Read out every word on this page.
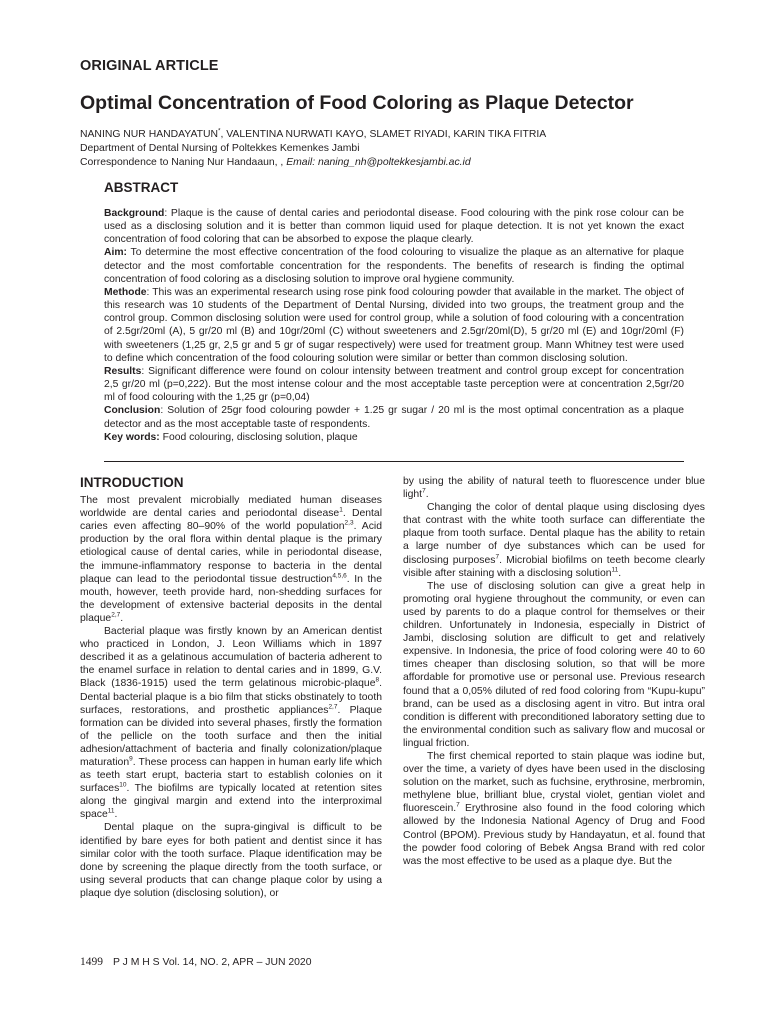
ORIGINAL ARTICLE
Optimal Concentration of Food Coloring as Plaque Detector
NANING NUR HANDAYATUN*, VALENTINA NURWATI KAYO, SLAMET RIYADI, KARIN TIKA FITRIA
Department of Dental Nursing of Poltekkes Kemenkes Jambi
Correspondence to Naning Nur Handaaun, , Email: naning_nh@poltekkesjambi.ac.id
ABSTRACT

Background: Plaque is the cause of dental caries and periodontal disease. Food colouring with the pink rose colour can be used as a disclosing solution and it is better than common liquid used for plaque detection. It is not yet known the exact concentration of food coloring that can be absorbed to expose the plaque clearly.

Aim: To determine the most effective concentration of the food colouring to visualize the plaque as an alternative for plaque detector and the most comfortable concentration for the respondents. The benefits of research is finding the optimal concentration of food coloring as a disclosing solution to improve oral hygiene community.

Methode: This was an experimental research using rose pink food colouring powder that available in the market. The object of this research was 10 students of the Department of Dental Nursing, divided into two groups, the treatment group and the control group. Common disclosing solution were used for control group, while a solution of food colouring with a concentration of 2.5gr/20ml (A), 5 gr/20 ml (B) and 10gr/20ml (C) without sweeteners and 2.5gr/20ml(D), 5 gr/20 ml (E) and 10gr/20ml (F) with sweeteners (1,25 gr, 2,5 gr and 5 gr of sugar respectively) were used for treatment group. Mann Whitney test were used to define which concentration of the food colouring solution were similar or better than common disclosing solution.

Results: Significant difference were found on colour intensity between treatment and control group except for concentration 2,5 gr/20 ml (p=0,222). But the most intense colour and the most acceptable taste perception were at concentration 2,5gr/20 ml of food colouring with the 1,25 gr (p=0,04)

Conclusion: Solution of 25gr food colouring powder + 1.25 gr sugar / 20 ml is the most optimal concentration as a plaque detector and as the most acceptable taste of respondents.

Key words: Food colouring, disclosing solution, plaque

INTRODUCTION

The most prevalent microbially mediated human diseases worldwide are dental caries and periodontal disease$^1$. Dental caries even affecting 80–90% of the world population$^{2,3}$. Acid production by the oral flora within dental plaque is the primary etiological cause of dental caries, while in periodontal disease, the immune-inflammatory response to bacteria in the dental plaque can lead to the periodontal tissue destruction$^{4,5,6}$. In the mouth, however, teeth provide hard, non-shedding surfaces for the development of extensive bacterial deposits in the dental plaque$^{2,7}$.

Bacterial plaque was firstly known by an American dentist who practiced in London, J. Leon Williams which in 1897 described it as a gelatinous accumulation of bacteria adherent to the enamel surface in relation to dental caries and in 1899, G.V. Black (1836-1915) used the term gelatinous microbic-plaque$^8$. Dental bacterial plaque is a bio film that sticks obstinately to tooth surfaces, restorations, and prosthetic appliances$^{2,7}$. Plaque formation can be divided into several phases, firstly the formation of the pellicle on the tooth surface and then the initial adhesion/attachment of bacteria and finally colonization/plaque maturation$^9$. These process can happen in human early life which as teeth start erupt, bacteria start to establish colonies on it surfaces$^{10}$. The biofilms are typically located at retention sites along the gingival margin and extend into the interproximal space$^{11}$.

Dental plaque on the supra-gingival is difficult to be identified by bare eyes for both patient and dentist since it has similar color with the tooth surface. Plaque identification may be done by screening the plaque directly from the tooth surface, or using several products that can change plaque color by using a plaque dye solution (disclosing solution), or

by using the ability of natural teeth to fluorescence under blue light$^7$.

Changing the color of dental plaque using disclosing dyes that contrast with the white tooth surface can differentiate the plaque from tooth surface. Dental plaque has the ability to retain a large number of dye substances which can be used for disclosing purposes$^7$. Microbial biofilms on teeth become clearly visible after staining with a disclosing solution$^{11}$.

The use of disclosing solution can give a great help in promoting oral hygiene throughout the community, or even can used by parents to do a plaque control for themselves or their children. Unfortunately in Indonesia, especially in District of Jambi, disclosing solution are difficult to get and relatively expensive. In Indonesia, the price of food coloring were 40 to 60 times cheaper than disclosing solution, so that will be more affordable for promotive use or personal use. Previous research found that a 0,05% diluted of red food coloring from “Kupu-kupu” brand, can be used as a disclosing agent in vitro. But intra oral condition is different with preconditioned laboratory setting due to the environmental condition such as salivary flow and mucosal or lingual friction.

The first chemical reported to stain plaque was iodine but, over the time, a variety of dyes have been used in the disclosing solution on the market, such as fuchsine, erythrosine, merbromin, methylene blue, brilliant blue, crystal violet, gentian violet and fluorescein.$^7$ Erythrosine also found in the food coloring which allowed by the Indonesia National Agency of Drug and Food Control (BPOM). Previous study by Handayatun, et al. found that the powder food coloring of Bebek Angsa Brand with red color was the most effective to be used as a plaque dye. But the

1499 P J M H S Vol. 14, NO. 2, APR – JUN 2020
